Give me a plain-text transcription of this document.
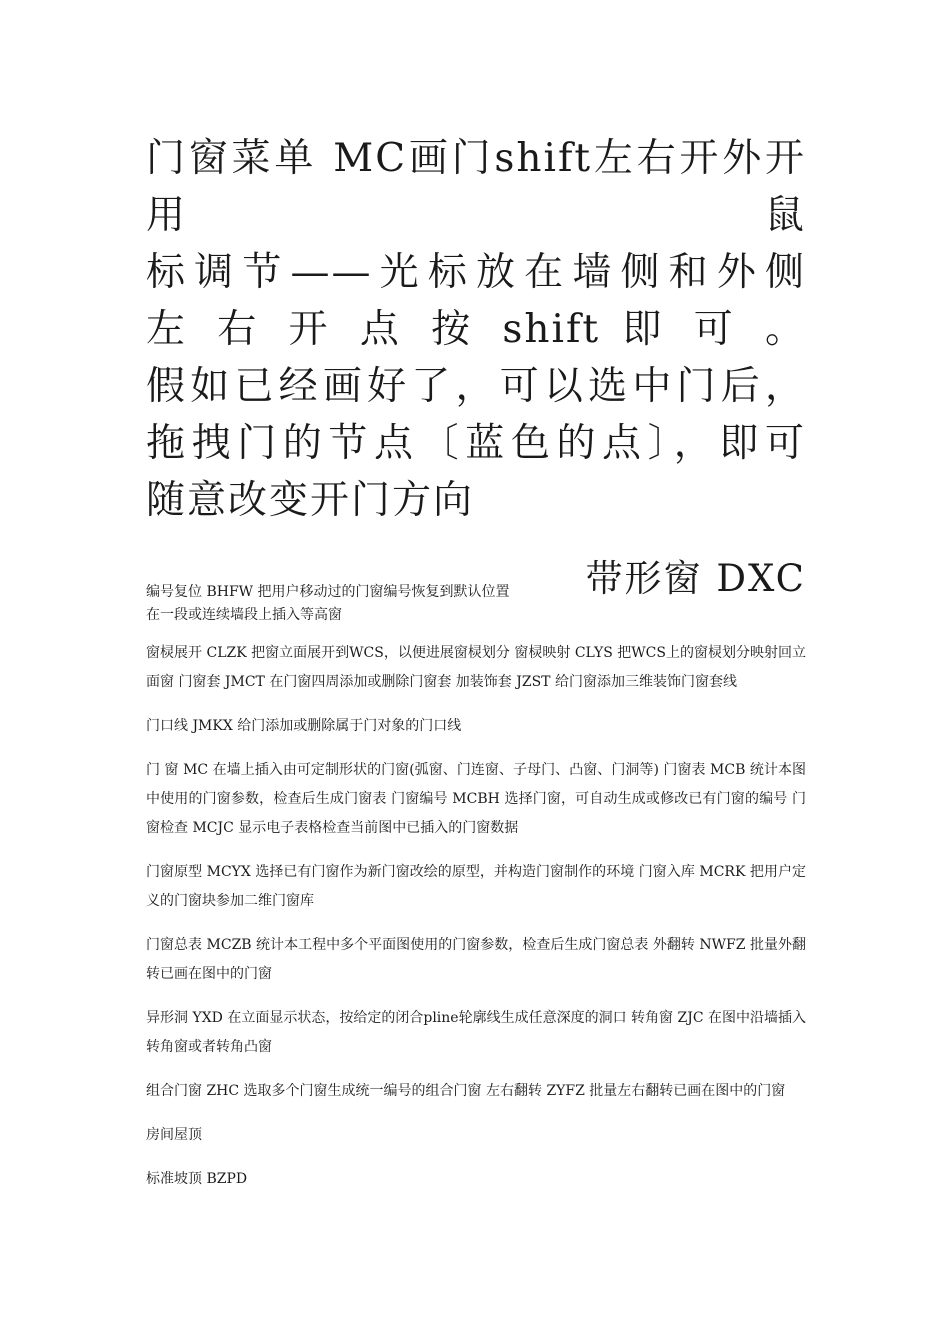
门窗菜单 MC画门shift左右开外开用鼠
标调节——光标放在墙侧和外侧
左 右 开 点 按 shift 即 可 。
假如已经画好了，可以选中门后，
拖拽门的节点〔蓝色的点〕，即可
随意改变开门方向
编号复位 BHFW 把用户移动过的门窗编号恢复到默认位置 带形窗 DXC
在一段或连续墙段上插入等高窗

窗棂展开 CLZK 把窗立面展开到WCS，以便进展窗棂划分 窗棂映射 CLYS 把WCS上的窗棂划分映射回立面窗 门窗套 JMCT 在门窗四周添加或删除门窗套 加装饰套 JZST 给门窗添加三维装饰门窗套线

门口线 JMKX 给门添加或删除属于门对象的门口线

门 窗 MC 在墙上插入由可定制形状的门窗(弧窗、门连窗、子母门、凸窗、门洞等) 门窗表 MCB 统计本图中使用的门窗参数，检查后生成门窗表 门窗编号 MCBH 选择门窗，可自动生成或修改已有门窗的编号 门窗检查 MCJC 显示电子表格检查当前图中已插入的门窗数据

门窗原型 MCYX 选择已有门窗作为新门窗改绘的原型，并构造门窗制作的环境 门窗入库 MCRK 把用户定义的门窗块参加二维门窗库

门窗总表 MCZB 统计本工程中多个平面图使用的门窗参数，检查后生成门窗总表 外翻转 NWFZ 批量外翻转已画在图中的门窗

异形洞 YXD 在立面显示状态，按给定的闭合pline轮廓线生成任意深度的洞口 转角窗 ZJC 在图中沿墙插入转角窗或者转角凸窗

组合门窗 ZHC 选取多个门窗生成统一编号的组合门窗 左右翻转 ZYFZ 批量左右翻转已画在图中的门窗

房间屋顶

标准坡顶 BZPD
